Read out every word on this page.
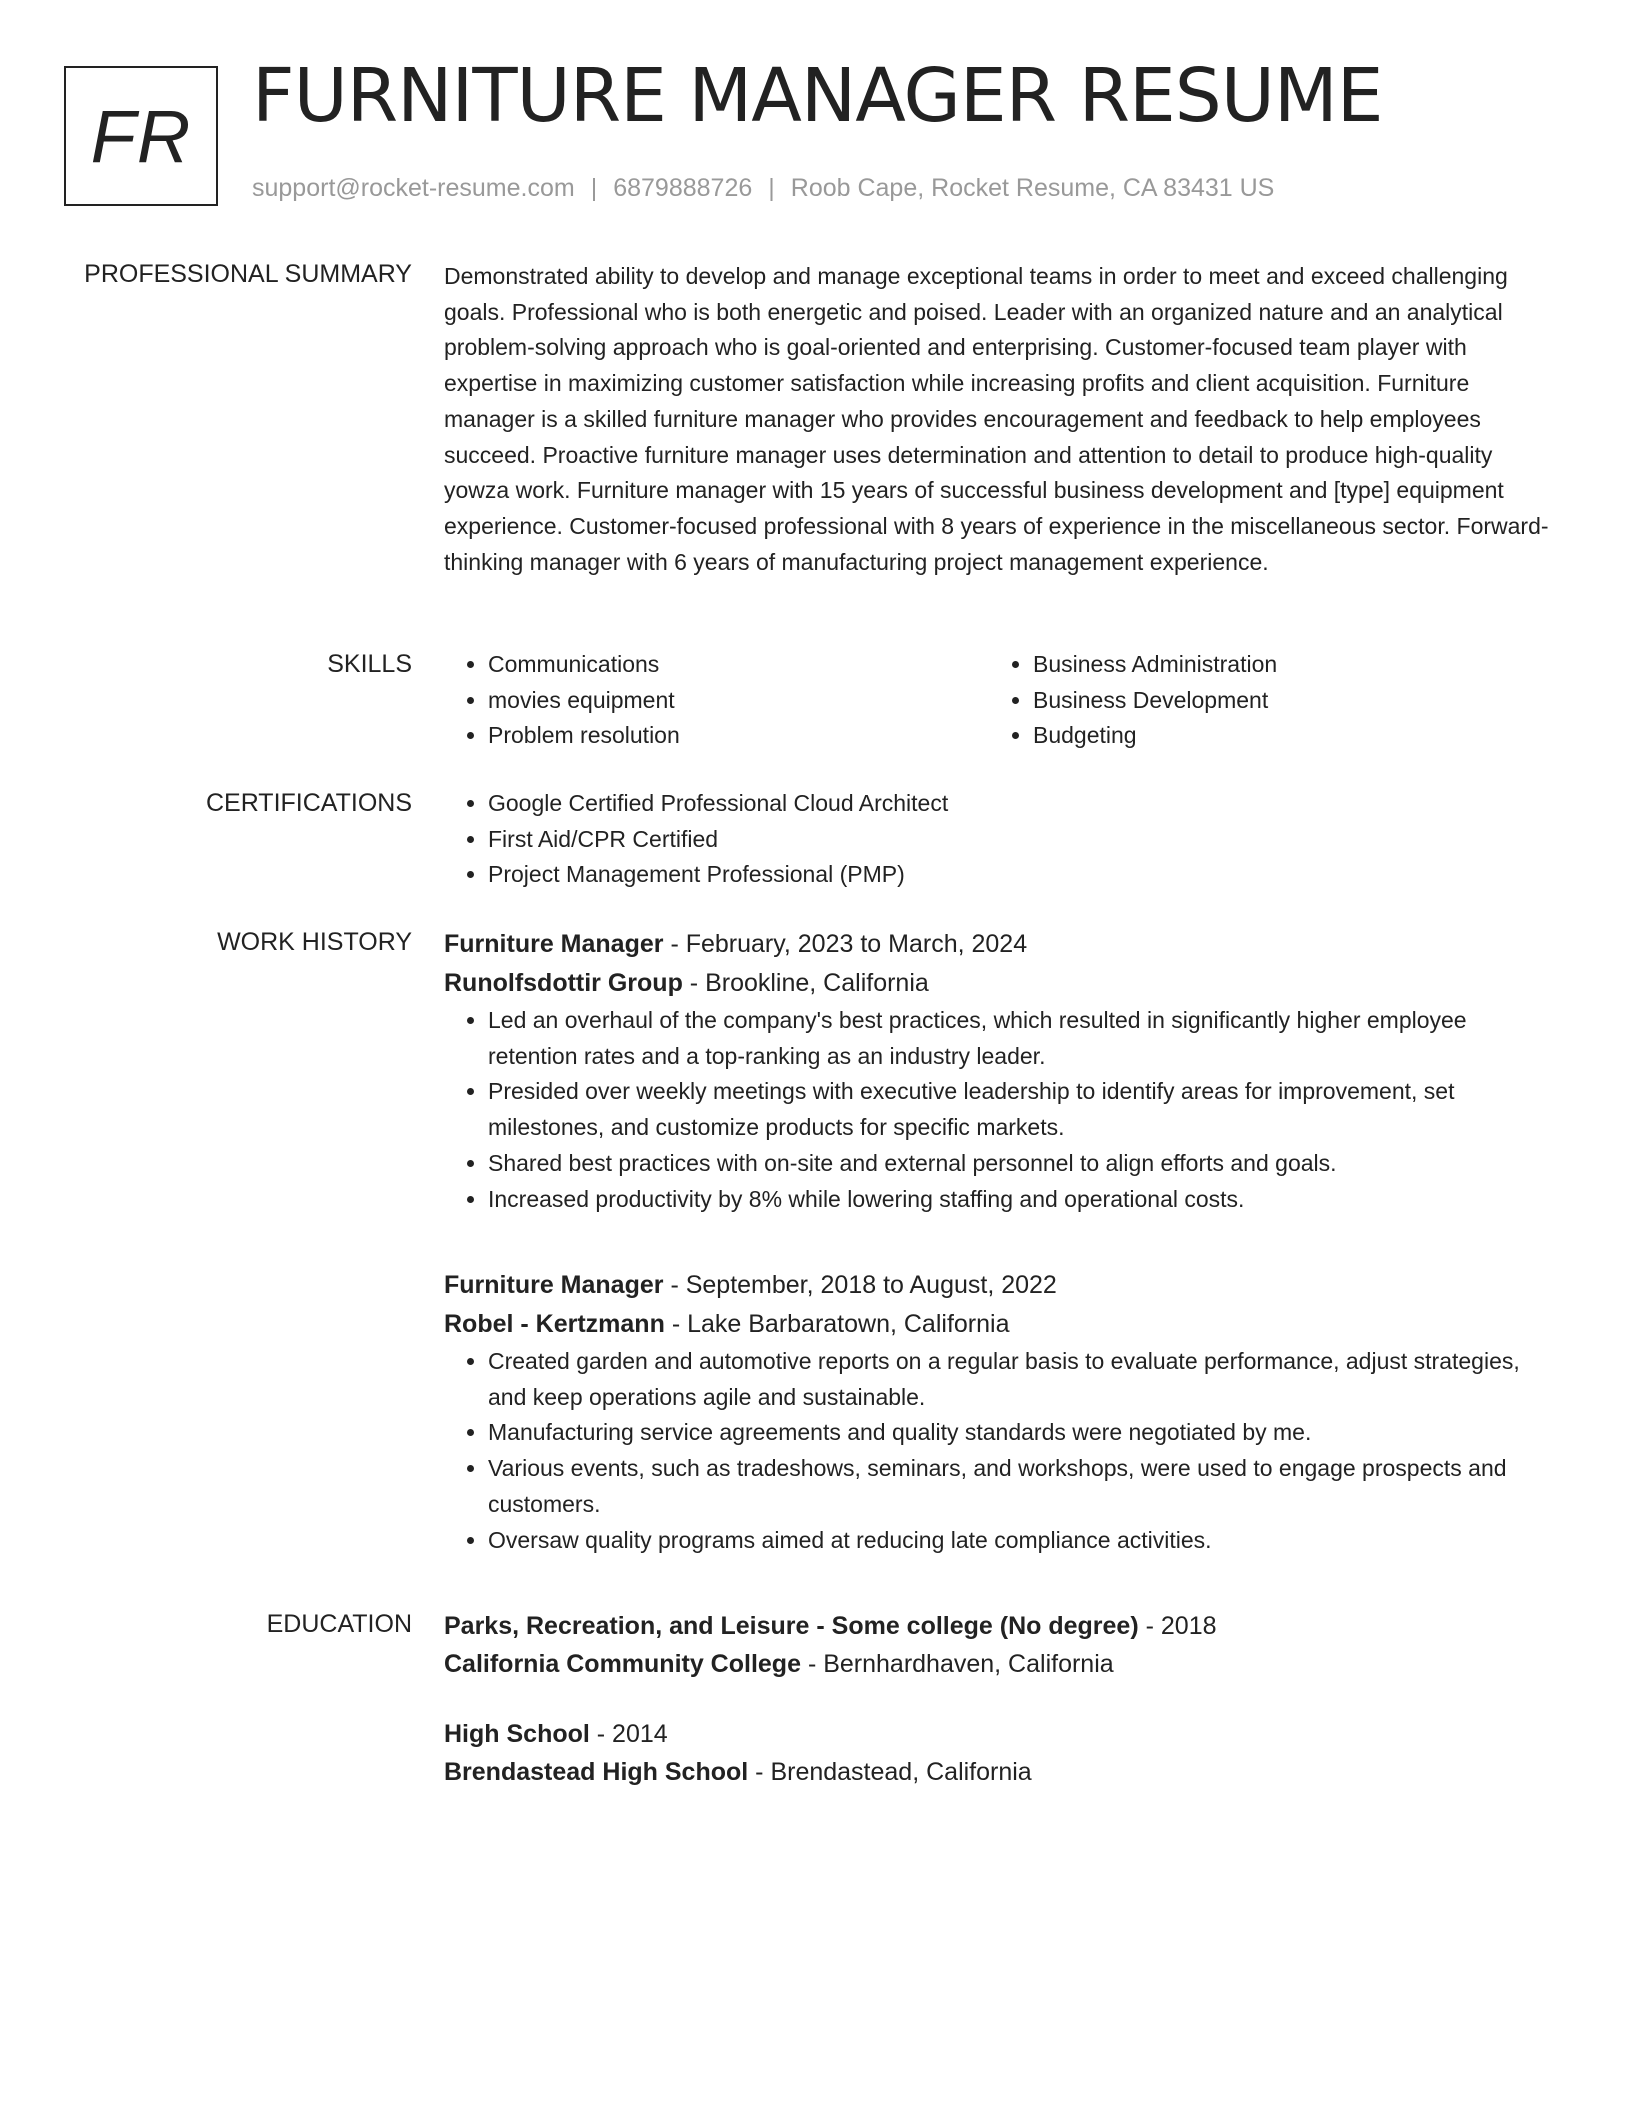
FR FURNITURE MANAGER RESUME
support@rocket-resume.com | 6879888726 | Roob Cape, Rocket Resume, CA 83431 US
PROFESSIONAL SUMMARY Demonstrated ability to develop and manage exceptional teams in order to meet and exceed challenging goals. Professional who is both energetic and poised. Leader with an organized nature and an analytical problem-solving approach who is goal-oriented and enterprising. Customer-focused team player with expertise in maximizing customer satisfaction while increasing profits and client acquisition. Furniture manager is a skilled furniture manager who provides encouragement and feedback to help employees succeed. Proactive furniture manager uses determination and attention to detail to produce high-quality yowza work. Furniture manager with 15 years of successful business development and [type] equipment experience. Customer-focused professional with 8 years of experience in the miscellaneous sector. Forward-thinking manager with 6 years of manufacturing project management experience.

SKILLS	• Communications
• movies equipment
• Problem resolution
• Business Administration
• Business Development
• Budgeting
CERTIFICATIONS	• Google Certified Professional Cloud Architect
• First Aid/CPR Certified
• Project Management Professional (PMP)
WORK HISTORY Furniture Manager - February, 2023 to March, 2024
Runolfsdottir Group - Brookline, California
• Led an overhaul of the company's best practices, which resulted in significantly higher employee retention rates and a top-ranking as an industry leader.
• Presided over weekly meetings with executive leadership to identify areas for improvement, set milestones, and customize products for specific markets.
• Shared best practices with on-site and external personnel to align efforts and goals.
• Increased productivity by 8% while lowering staffing and operational costs.
Furniture Manager - September, 2018 to August, 2022
Robel - Kertzmann - Lake Barbaratown, California
• Created garden and automotive reports on a regular basis to evaluate performance, adjust strategies, and keep operations agile and sustainable.
• Manufacturing service agreements and quality standards were negotiated by me.
• Various events, such as tradeshows, seminars, and workshops, were used to engage prospects and customers.
• Oversaw quality programs aimed at reducing late compliance activities.
EDUCATION Parks, Recreation, and Leisure - Some college (No degree) - 2018
California Community College - Bernhardhaven, California
High School - 2014
Brendastead High School - Brendastead, California
